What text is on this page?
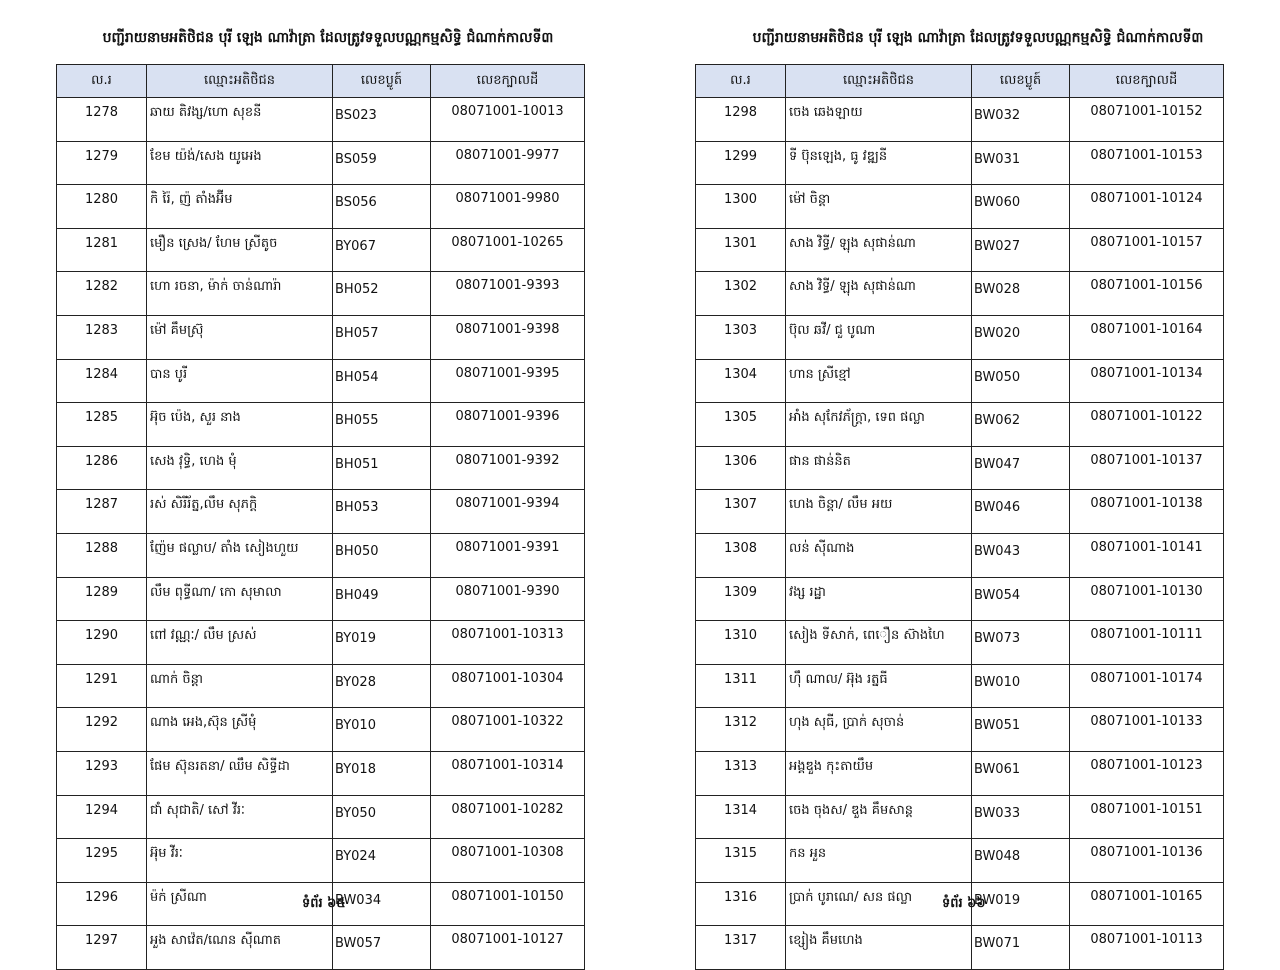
បញ្ជីរាយនាមអតិថិជន បុរី ឡេង ណាវ៉ាត្រា ដែលត្រូវទទួលបណ្ណកម្មសិទ្ធិ ជំណាក់កាលទី៣
ល.រ	ឈ្មោះអតិថិជន	លេខប្លូត៍	លេខក្បាលដី
1278	ឆាយ តិវង្ស/ហោ សុខនី	BS023	08071001-10013
1279	ខែម យ៉ង់/សេង យូអេង	BS059	08071001-9977
1280	កិ រ៉ៃ, ញ៉ តាំងអ៊ីម	BS056	08071001-9980
1281	មឿន ស្រេង/ ហែម ស្រីតូច	BY067	08071001-10265
1282	ហោ រចនា, ម៉ាក់ ចាន់ណារ៉ា	BH052	08071001-9393
1283	ម៉ៅ គឹមស្រ៊ុ	BH057	08071001-9398
1284	បាន បូរី	BH054	08071001-9395
1285	អ៊ុច ប៉េង, សួរ នាង	BH055	08071001-9396
1286	សេង វុទ្ធិ, ហេង មុំ	BH051	08071001-9392
1287	រស់ សិរីរ័ត្ន,លឹម សុភក្តិ	BH053	08071001-9394
1288	ញ៉ែម ផល្លាប/ តាំង សៀងហួយ	BH050	08071001-9391
1289	លឹម ពុទ្ធីណា/ កោ សុមាលា	BH049	08071001-9390
1290	ពៅ វណ្ណៈ/ លឹម ស្រស់	BY019	08071001-10313
1291	ណាក់ ចិន្តា	BY028	08071001-10304
1292	ណាង អេង,ស៊ុន ស្រីមុំ	BY010	08071001-10322
1293	ផែម ស៊ុនរតនា/ ឈឹម សិទ្ធីដា	BY018	08071001-10314
1294	ជាំ សុជាតិ/ សៅ វីរៈ	BY050	08071001-10282
1295	អ៊ុម វីរៈ	BY024	08071001-10308
1296	ម៉ក់ ស្រីណា	BW034	08071001-10150
1297	អួង សាវ៉េត/ណេន ស៊ីណាត	BW057	08071001-10127
ទំព័រ ៦៥
បញ្ជីរាយនាមអតិថិជន បុរី ឡេង ណាវ៉ាត្រា ដែលត្រូវទទួលបណ្ណកម្មសិទ្ធិ ជំណាក់កាលទី៣
ល.រ	ឈ្មោះអតិថិជន	លេខប្លូត៍	លេខក្បាលដី
1298	ចេង ឆេងឡាយ	BW032	08071001-10152
1299	ទី ប៊ុនឡេង, ធូ វឌ្ឍនី	BW031	08071001-10153
1300	ម៉ៅ ចិន្តា	BW060	08071001-10124
1301	សាង វិទ្ធី/ ឡុង សុផាន់ណា	BW027	08071001-10157
1302	សាង វិទ្ធី/ ឡុង សុផាន់ណា	BW028	08071001-10156
1303	ប៊ុល ឆវី/ ជួ បូណា	BW020	08071001-10164
1304	ហាន ស្រីខ្មៅ	BW050	08071001-10134
1305	អាំង សុកែវភ័ក្ត្រា, ទេព ផល្លា	BW062	08071001-10122
1306	ផាន ផាន់និត	BW047	08071001-10137
1307	ហេង ចិន្តា/ លឹម អយ	BW046	08071001-10138
1308	លន់ ស៊ីណាង	BW043	08071001-10141
1309	វង្ស រដ្ឋា	BW054	08071001-10130
1310	សៀង ទីសាក់, ពេឿន ស៊ាងហៃ	BW073	08071001-10111
1311	ហ៊ឹ ណាល/ អ៊ុង រត្នធី	BW010	08071001-10174
1312	ហុង សុធី, ប្រាក់ សុចាន់	BW051	08071001-10133
1313	អង្គឌួង កុះតាយឹម	BW061	08071001-10123
1314	ចេង ចុងស/ ឌួង គឹមសាន្ត	BW033	08071001-10151
1315	កន អួន	BW048	08071001-10136
1316	ប្រាក់ បូរាណេ/ សន ផល្លា	BW019	08071001-10165
1317	ខ្សៀង គឹមហេង	BW071	08071001-10113
ទំព័រ ៦៦
